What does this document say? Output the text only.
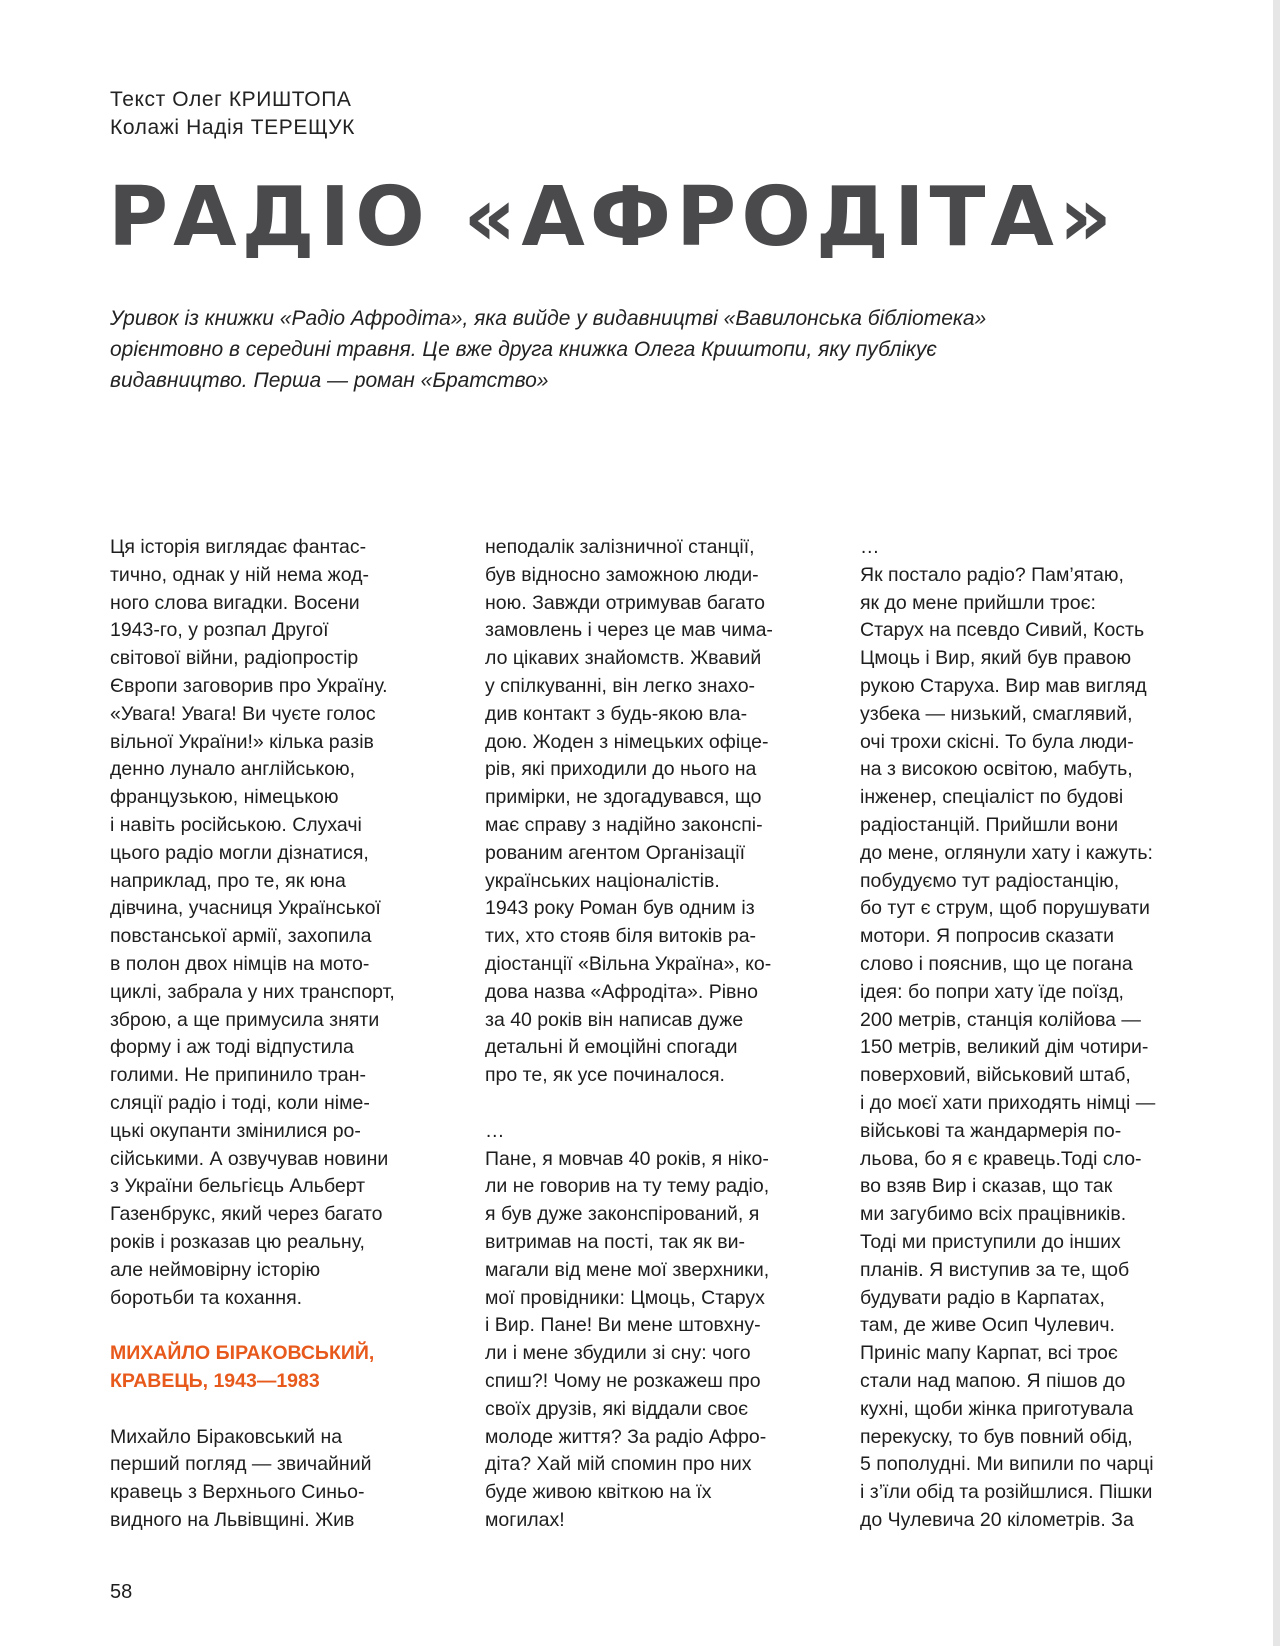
Текст Олег КРИШТОПА
Колажі Надія ТЕРЕЩУК
РАДІО «АФРОДІТА»

Уривок із книжки «Радіо Афродіта», яка вийде у видавництві «Вавилонська бібліотека»
орієнтовно в середині травня. Це вже друга книжка Олега Криштопи, яку публікує
видавництво. Перша — роман «Братство»

Ця історія виглядає фантас-
тично, однак у ній нема жод-
ного слова вигадки. Восени
1943-го, у розпал Другої
світової війни, радіопростір
Європи заговорив про Україну.
«Увага! Увага! Ви чуєте голос
вільної України!» кілька разів
денно лунало англійською,
французькою, німецькою
і навіть російською. Слухачі
цього радіо могли дізнатися,
наприклад, про те, як юна
дівчина, учасниця Української
повстанської армії, захопила
в полон двох німців на мото-
циклі, забрала у них транспорт,
зброю, а ще примусила зняти
форму і аж тоді відпустила
голими. Не припинило тран-
сляції радіо і тоді, коли німе-
цькі окупанти змінилися ро-
сійськими. А озвучував новини
з України бельгієць Альберт
Газенбрукс, який через багато
років і розказав цю реальну,
але неймовірну історію
боротьби та кохання.
МИХАЙЛО БІРАКОВСЬКИЙ,
КРАВЕЦЬ, 1943—1983
Михайло Біраковський на
перший погляд — звичайний
кравець з Верхнього Синьо-
видного на Львівщині. Жив
неподалік залізничної станції,
був відносно заможною люди-
ною. Завжди отримував багато
замовлень і через це мав чима-
ло цікавих знайомств. Жвавий
у спілкуванні, він легко знахо-
див контакт з будь-якою вла-
дою. Жоден з німецьких офіце-
рів, які приходили до нього на
примірки, не здогадувався, що
має справу з надійно законспі-
рованим агентом Організації
українських націоналістів.
1943 року Роман був одним із
тих, хто стояв біля витоків ра-
діостанції «Вільна Україна», ко-
дова назва «Афродіта». Рівно
за 40 років він написав дуже
детальні й емоційні спогади
про те, як усе починалося.
…
Пане, я мовчав 40 років, я ніко-
ли не говорив на ту тему радіо,
я був дуже законспірований, я
витримав на пості, так як ви-
магали від мене мої зверхники,
мої провідники: Цмоць, Старух
і Вир. Пане! Ви мене штовхну-
ли і мене збудили зі сну: чого
спиш?! Чому не розкажеш про
своїх друзів, які віддали своє
молоде життя? За радіо Афро-
діта? Хай мій спомин про них
буде живою квіткою на їх
могилах!
…
Як постало радіо? Пам’ятаю,
як до мене прийшли троє:
Старух на псевдо Сивий, Кость
Цмоць і Вир, який був правою
рукою Старуха. Вир мав вигляд
узбека — низький, смаглявий,
очі трохи скісні. То була люди-
на з високою освітою, мабуть,
інженер, спеціаліст по будові
радіостанцій. Прийшли вони
до мене, оглянули хату і кажуть:
побудуємо тут радіостанцію,
бо тут є струм, щоб порушувати
мотори. Я попросив сказати
слово і пояснив, що це погана
ідея: бо попри хату їде поїзд,
200 метрів, станція колійова —
150 метрів, великий дім чотири-
поверховий, військовий штаб,
і до моєї хати приходять німці —
військові та жандармерія по-
льова, бо я є кравець.Тоді сло-
во взяв Вир і сказав, що так
ми загубимо всіх працівників.
Тоді ми приступили до інших
планів. Я виступив за те, щоб
будувати радіо в Карпатах,
там, де живе Осип Чулевич.
Приніс мапу Карпат, всі троє
стали над мапою. Я пішов до
кухні, щоби жінка приготувала
перекуску, то був повний обід,
5 пополудні. Ми випили по чарці
і з’їли обід та розійшлися. Пішки
до Чулевича 20 кілометрів. За
58
